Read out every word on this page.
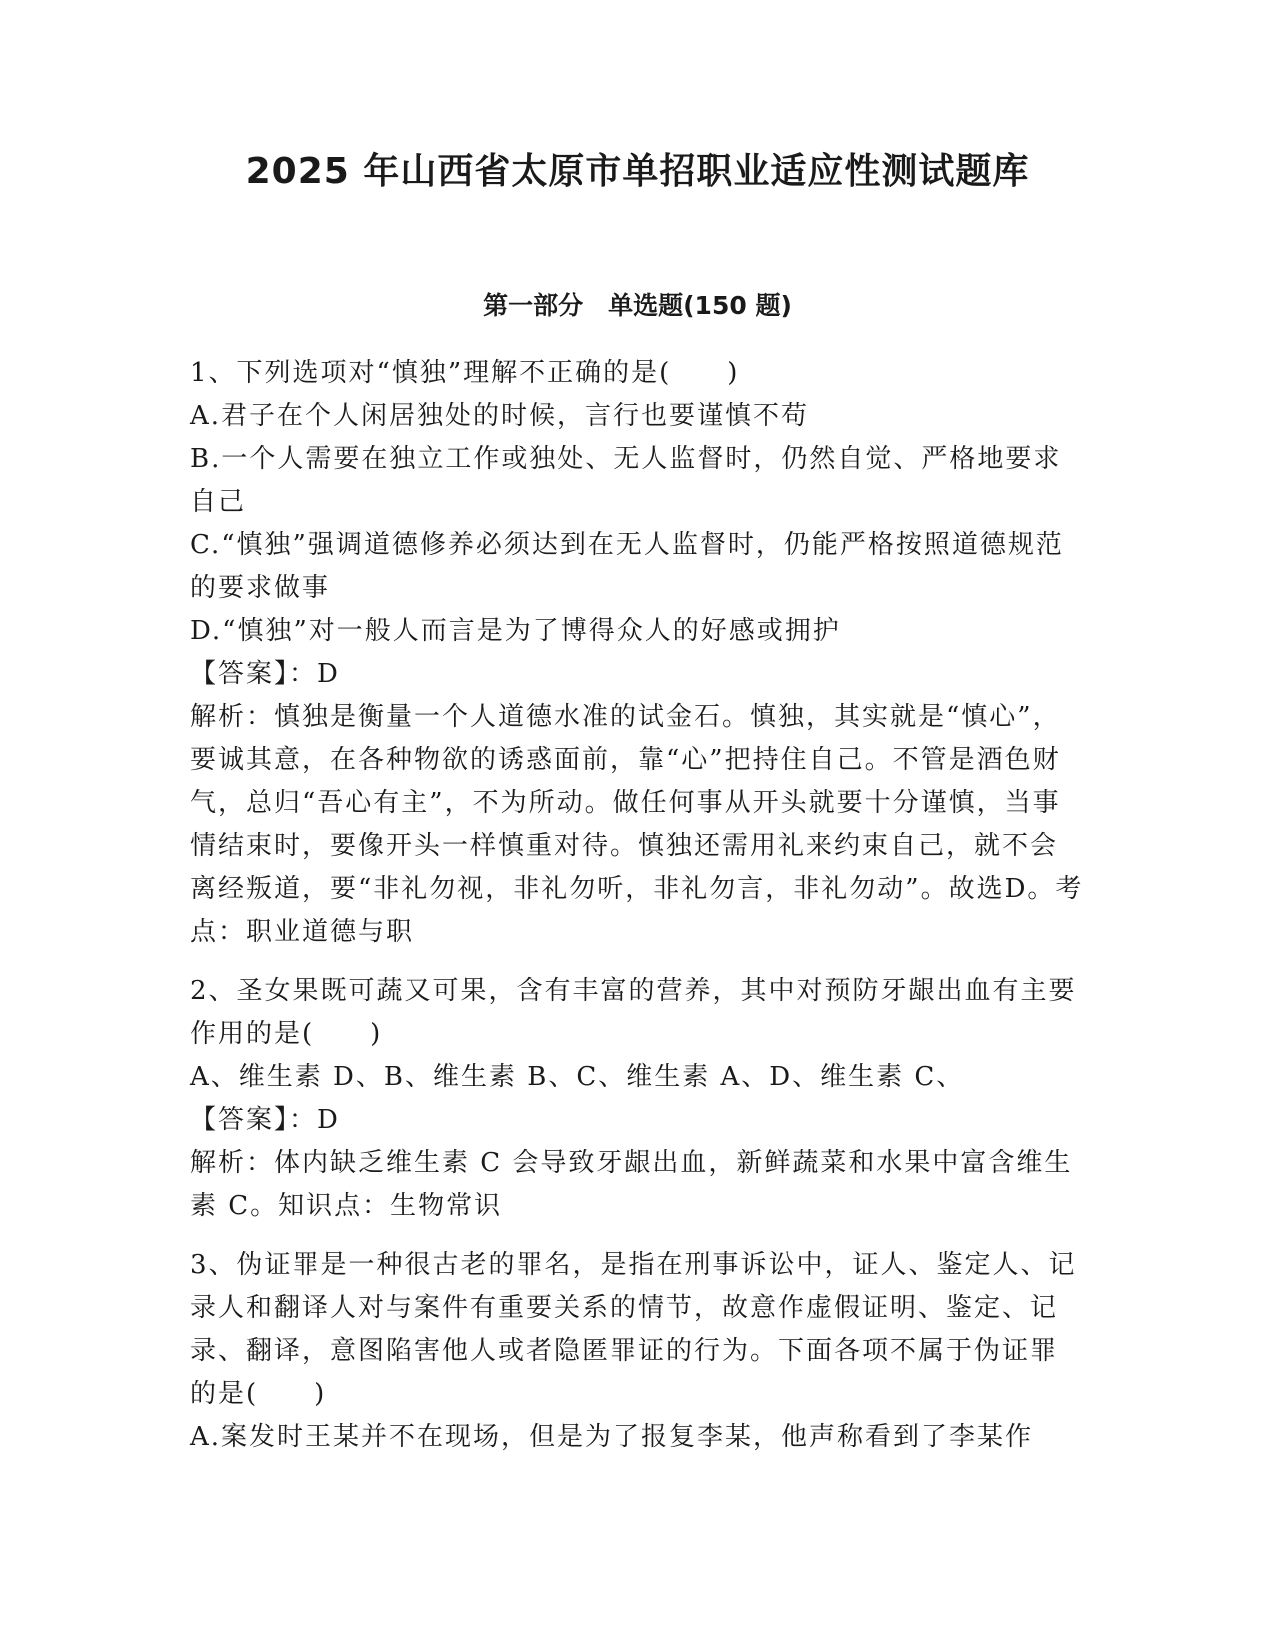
2025 年山西省太原市单招职业适应性测试题库
第一部分　单选题(150 题)
1、下列选项对“慎独”理解不正确的是(　　)
A.君子在个人闲居独处的时候，言行也要谨慎不苟
B.一个人需要在独立工作或独处、无人监督时，仍然自觉、严格地要求自己
C.“慎独”强调道德修养必须达到在无人监督时，仍能严格按照道德规范的要求做事
D.“慎独”对一般人而言是为了博得众人的好感或拥护
【答案】：D
解析：慎独是衡量一个人道德水准的试金石。慎独，其实就是“慎心”，要诚其意，在各种物欲的诱惑面前，靠“心”把持住自己。不管是酒色财气，总归“吾心有主”，不为所动。做任何事从开头就要十分谨慎，当事情结束时，要像开头一样慎重对待。慎独还需用礼来约束自己，就不会离经叛道，要“非礼勿视，非礼勿听，非礼勿言，非礼勿动”。故选D。考点：职业道德与职
2、圣女果既可蔬又可果，含有丰富的营养，其中对预防牙龈出血有主要作用的是(　　)
A、维生素 D、B、维生素 B、C、维生素 A、D、维生素 C、
【答案】：D
解析：体内缺乏维生素 C 会导致牙龈出血，新鲜蔬菜和水果中富含维生素 C。知识点：生物常识
3、伪证罪是一种很古老的罪名，是指在刑事诉讼中，证人、鉴定人、记录人和翻译人对与案件有重要关系的情节，故意作虚假证明、鉴定、记录、翻译，意图陷害他人或者隐匿罪证的行为。下面各项不属于伪证罪的是(　　)
A.案发时王某并不在现场，但是为了报复李某，他声称看到了李某作
